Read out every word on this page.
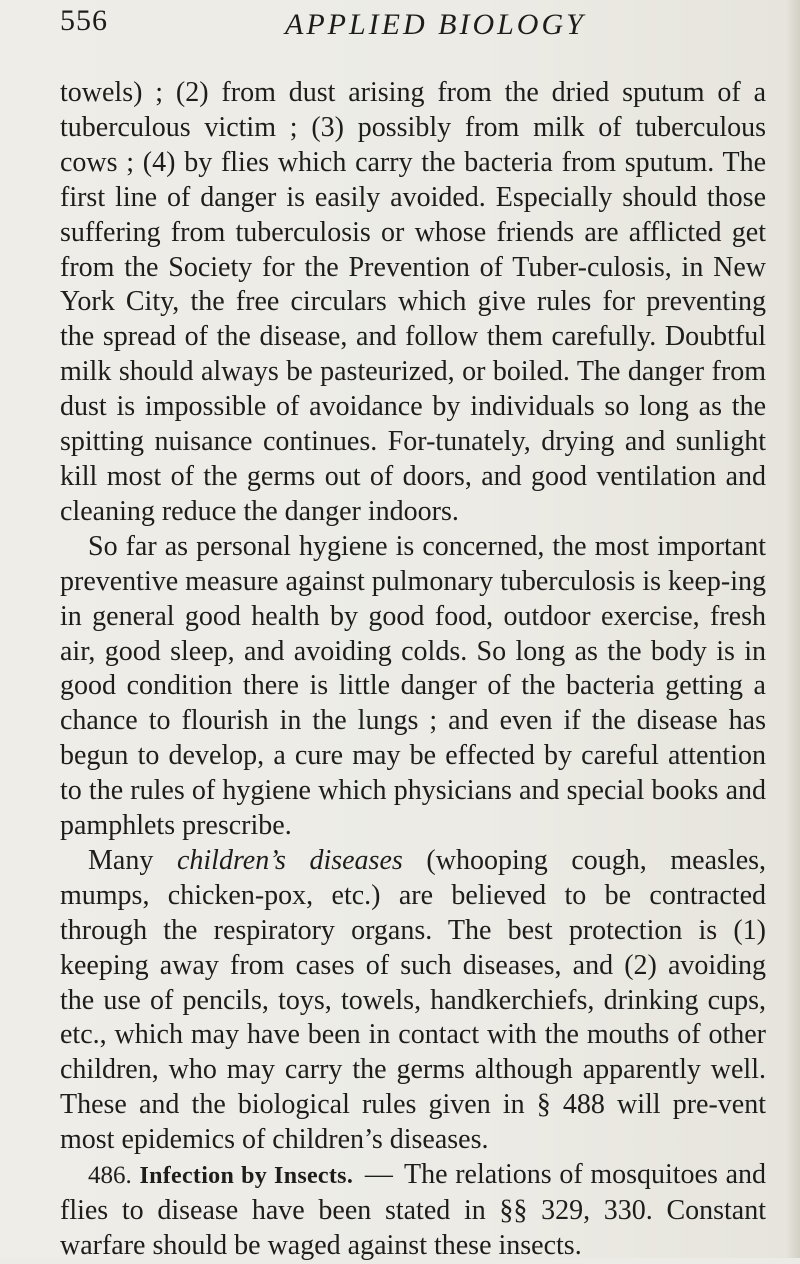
556	APPLIED BIOLOGY

towels) ; (2) from dust arising from the dried sputum of a tuberculous victim ; (3) possibly from milk of tuberculous cows ; (4) by flies which carry the bacteria from sputum. The first line of danger is easily avoided. Especially should those suffering from tuberculosis or whose friends are afflicted get from the Society for the Prevention of Tuber-culosis, in New York City, the free circulars which give rules for preventing the spread of the disease, and follow them carefully. Doubtful milk should always be pasteurized, or boiled. The danger from dust is impossible of avoidance by individuals so long as the spitting nuisance continues. For-tunately, drying and sunlight kill most of the germs out of doors, and good ventilation and cleaning reduce the danger indoors.

So far as personal hygiene is concerned, the most important preventive measure against pulmonary tuberculosis is keep-ing in general good health by good food, outdoor exercise, fresh air, good sleep, and avoiding colds. So long as the body is in good condition there is little danger of the bacteria getting a chance to flourish in the lungs ; and even if the disease has begun to develop, a cure may be effected by careful attention to the rules of hygiene which physicians and special books and pamphlets prescribe.

Many children’s diseases (whooping cough, measles, mumps, chicken-pox, etc.) are believed to be contracted through the respiratory organs. The best protection is (1) keeping away from cases of such diseases, and (2) avoiding the use of pencils, toys, towels, handkerchiefs, drinking cups, etc., which may have been in contact with the mouths of other children, who may carry the germs although apparently well. These and the biological rules given in § 488 will pre-vent most epidemics of children’s diseases.

486. Infection by Insects. — The relations of mosquitoes and flies to disease have been stated in §§ 329, 330. Constant warfare should be waged against these insects.
